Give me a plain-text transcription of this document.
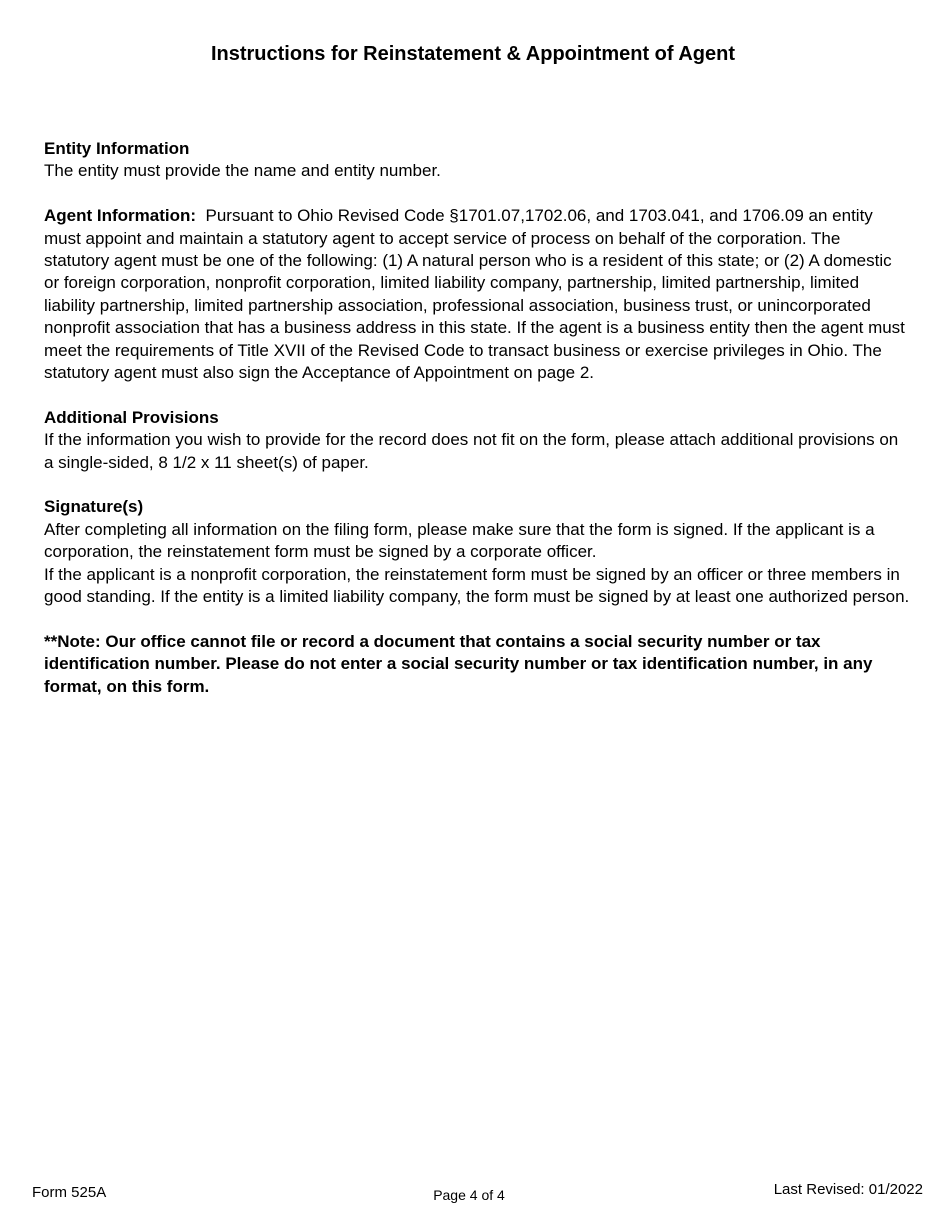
Instructions for Reinstatement & Appointment of Agent
Entity Information

The entity must provide the name and entity number.

Agent Information: Pursuant to Ohio Revised Code §1701.07,1702.06, and 1703.041, and 1706.09 an entity must appoint and maintain a statutory agent to accept service of process on behalf of the corporation. The statutory agent must be one of the following: (1) A natural person who is a resident of this state; or (2) A domestic or foreign corporation, nonprofit corporation, limited liability company, partnership, limited partnership, limited liability partnership, limited partnership association, professional association, business trust, or unincorporated nonprofit association that has a business address in this state. If the agent is a business entity then the agent must meet the requirements of Title XVII of the Revised Code to transact business or exercise privileges in Ohio. The statutory agent must also sign the Acceptance of Appointment on page 2.

Additional Provisions

If the information you wish to provide for the record does not fit on the form, please attach additional provisions on a single-sided, 8 1/2 x 11 sheet(s) of paper.

Signature(s)

After completing all information on the filing form, please make sure that the form is signed. If the applicant is a corporation, the reinstatement form must be signed by a corporate officer.

If the applicant is a nonprofit corporation, the reinstatement form must be signed by an officer or three members in good standing. If the entity is a limited liability company, the form must be signed by at least one authorized person.

**Note: Our office cannot file or record a document that contains a social security number or tax identification number. Please do not enter a social security number or tax identification number, in any format, on this form.

Form 525A	Page 4 of 4	Last Revised: 01/2022
